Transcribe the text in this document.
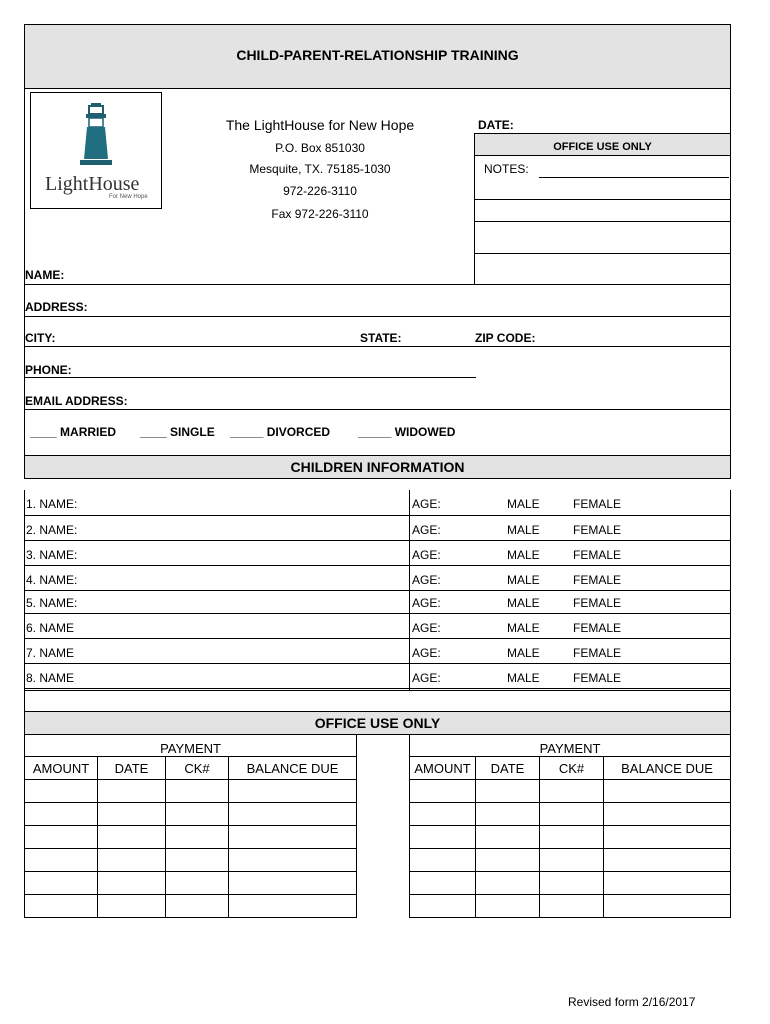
CHILD-PARENT-RELATIONSHIP TRAINING
LightHouse
For New Hope
The LightHouse for New Hope
P.O. Box 851030
Mesquite, TX. 75185-1030
972-226-3110
Fax 972-226-3110
DATE:
OFFICE USE ONLY
NOTES:
NAME:
ADDRESS:
CITY:	STATE:	ZIP CODE:
PHONE:
EMAIL ADDRESS:
____ MARRIED ____ SINGLE _____ DIVORCED _____ WIDOWED
CHILDREN INFORMATION
1. NAME:	AGE:	MALE	FEMALE
2. NAME:	AGE:	MALE	FEMALE
3. NAME:	AGE:	MALE	FEMALE
4. NAME:	AGE:	MALE	FEMALE
5. NAME:	AGE:	MALE	FEMALE
6. NAME	AGE:	MALE	FEMALE
7. NAME	AGE:	MALE	FEMALE
8. NAME	AGE:	MALE	FEMALE
OFFICE USE ONLY
PAYMENT			
AMOUNT	DATE	CK#	BALANCE DUE

PAYMENT			
AMOUNT	DATE	CK#	BALANCE DUE

Revised form 2/16/2017
